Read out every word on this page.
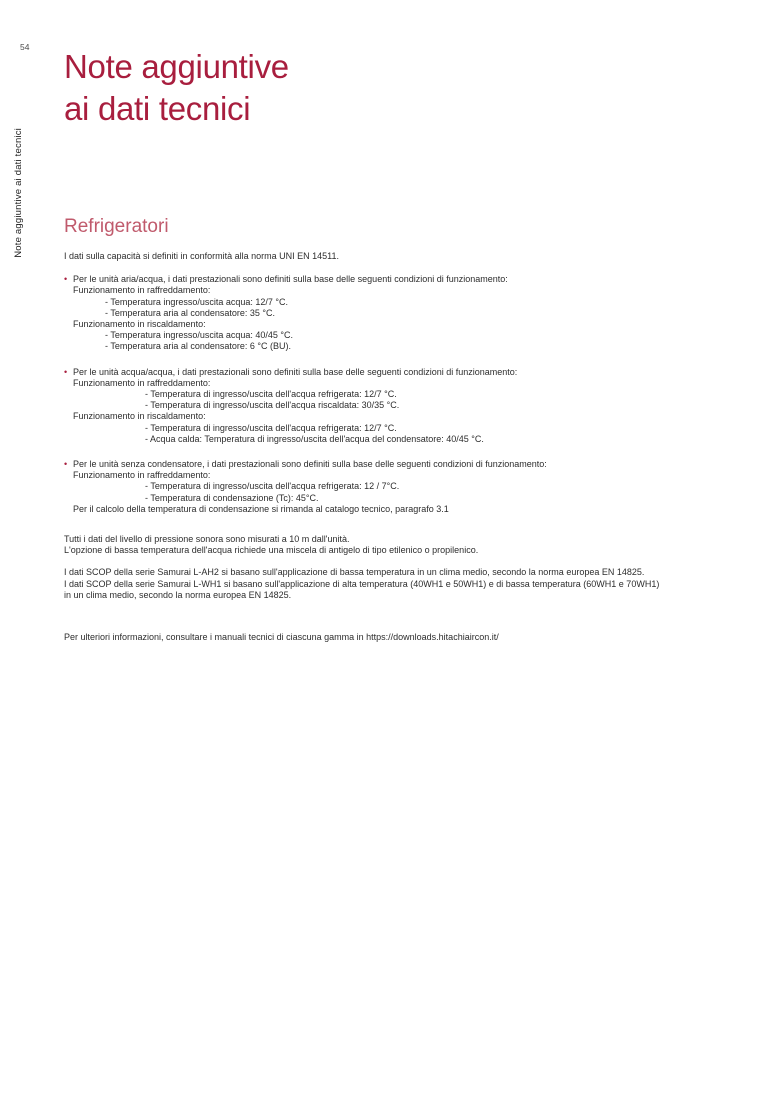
54
Note aggiuntive ai dati tecnici
Note aggiuntive
ai dati tecnici
Refrigeratori

I dati sulla capacità si definiti in conformità alla norma UNI EN 14511.

• Per le unità aria/acqua, i dati prestazionali sono definiti sulla base delle seguenti condizioni di funzionamento:
Funzionamento in raffreddamento:
- Temperatura ingresso/uscita acqua: 12/7 °C.
- Temperatura aria al condensatore: 35 °C.
Funzionamento in riscaldamento:
- Temperatura ingresso/uscita acqua: 40/45 °C.
- Temperatura aria al condensatore: 6 °C (BU).
• Per le unità acqua/acqua, i dati prestazionali sono definiti sulla base delle seguenti condizioni di funzionamento:
Funzionamento in raffreddamento:
- Temperatura di ingresso/uscita dell'acqua refrigerata: 12/7 °C.
- Temperatura di ingresso/uscita dell'acqua riscaldata: 30/35 °C.
Funzionamento in riscaldamento:
- Temperatura di ingresso/uscita dell'acqua refrigerata: 12/7 °C.
- Acqua calda: Temperatura di ingresso/uscita dell'acqua del condensatore: 40/45 °C.
• Per le unità senza condensatore, i dati prestazionali sono definiti sulla base delle seguenti condizioni di funzionamento:
Funzionamento in raffreddamento:
- Temperatura di ingresso/uscita dell'acqua refrigerata: 12 / 7°C.
- Temperatura di condensazione (Tc): 45°C.
Per il calcolo della temperatura di condensazione si rimanda al catalogo tecnico, paragrafo 3.1
Tutti i dati del livello di pressione sonora sono misurati a 10 m dall'unità.
L'opzione di bassa temperatura dell'acqua richiede una miscela di antigelo di tipo etilenico o propilenico.
I dati SCOP della serie Samurai L-AH2 si basano sull'applicazione di bassa temperatura in un clima medio, secondo la norma europea EN 14825.
I dati SCOP della serie Samurai L-WH1 si basano sull'applicazione di alta temperatura (40WH1 e 50WH1) e di bassa temperatura (60WH1 e 70WH1)
in un clima medio, secondo la norma europea EN 14825.

Per ulteriori informazioni, consultare i manuali tecnici di ciascuna gamma in https://downloads.hitachiaircon.it/
